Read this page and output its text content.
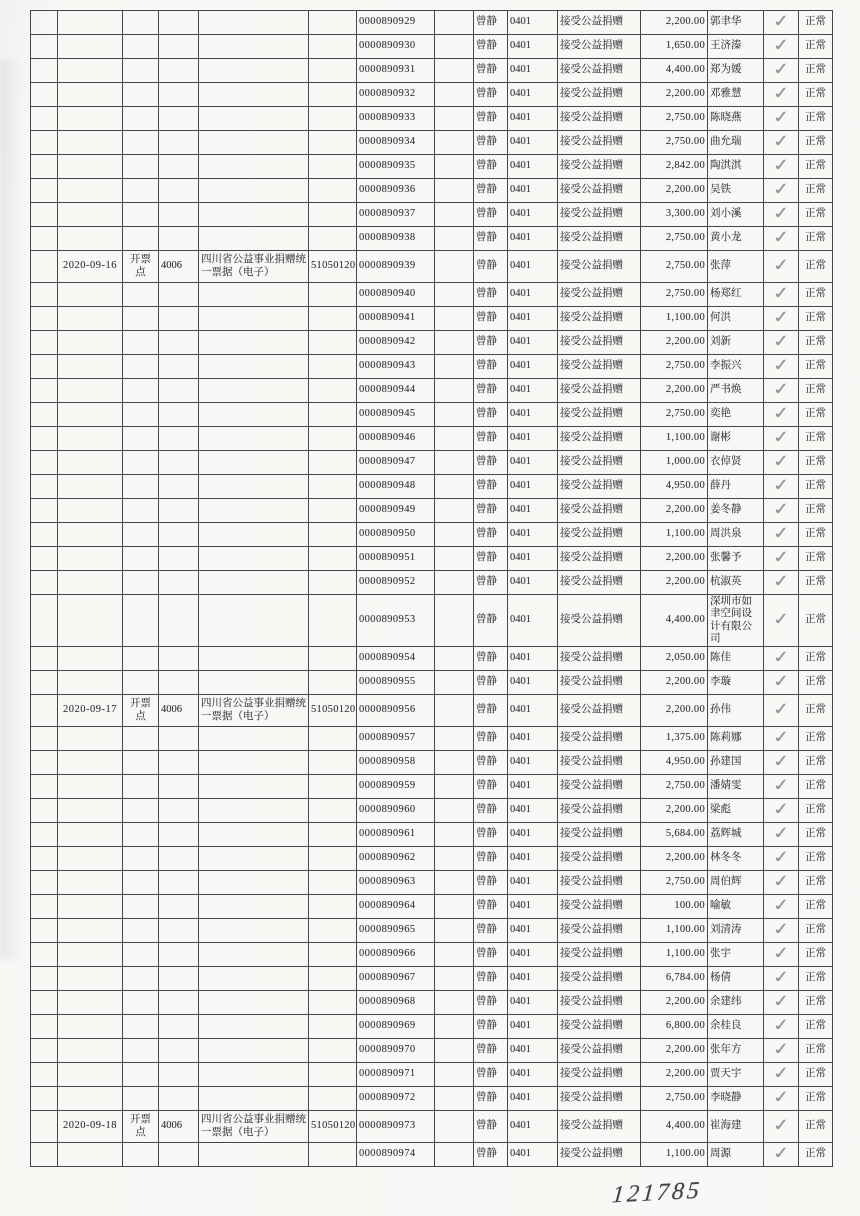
						0000890929		曾静	0401	接受公益捐赠	2,200.00	郭聿华	✓	正常
						0000890930		曾静	0401	接受公益捐赠	1,650.00	王济溱	✓	正常
						0000890931		曾静	0401	接受公益捐赠	4,400.00	郑为媛	✓	正常
						0000890932		曾静	0401	接受公益捐赠	2,200.00	邓雅慧	✓	正常
						0000890933		曾静	0401	接受公益捐赠	2,750.00	陈晓燕	✓	正常
						0000890934		曾静	0401	接受公益捐赠	2,750.00	曲允瑞	✓	正常
						0000890935		曾静	0401	接受公益捐赠	2,842.00	陶淇淇	✓	正常
						0000890936		曾静	0401	接受公益捐赠	2,200.00	吴铁	✓	正常
						0000890937		曾静	0401	接受公益捐赠	3,300.00	刘小溪	✓	正常
						0000890938		曾静	0401	接受公益捐赠	2,750.00	黄小龙	✓	正常
	2020-09-16	开票点	4006	四川省公益事业捐赠统一票据（电子）	51050120	0000890939		曾静	0401	接受公益捐赠	2,750.00	张萍	✓	正常
						0000890940		曾静	0401	接受公益捐赠	2,750.00	杨郑红	✓	正常
						0000890941		曾静	0401	接受公益捐赠	1,100.00	何洪	✓	正常
						0000890942		曾静	0401	接受公益捐赠	2,200.00	刘新	✓	正常
						0000890943		曾静	0401	接受公益捐赠	2,750.00	李振兴	✓	正常
						0000890944		曾静	0401	接受公益捐赠	2,200.00	严书焕	✓	正常
						0000890945		曾静	0401	接受公益捐赠	2,750.00	奕艳	✓	正常
						0000890946		曾静	0401	接受公益捐赠	1,100.00	谢彬	✓	正常
						0000890947		曾静	0401	接受公益捐赠	1,000.00	衣倬贤	✓	正常
						0000890948		曾静	0401	接受公益捐赠	4,950.00	薛丹	✓	正常
						0000890949		曾静	0401	接受公益捐赠	2,200.00	姜冬静	✓	正常
						0000890950		曾静	0401	接受公益捐赠	1,100.00	周洪泉	✓	正常
						0000890951		曾静	0401	接受公益捐赠	2,200.00	张馨予	✓	正常
						0000890952		曾静	0401	接受公益捐赠	2,200.00	杭淑英	✓	正常
						0000890953		曾静	0401	接受公益捐赠	4,400.00	深圳市如聿空间设计有限公司	✓	正常
						0000890954		曾静	0401	接受公益捐赠	2,050.00	陈佳	✓	正常
						0000890955		曾静	0401	接受公益捐赠	2,200.00	李璇	✓	正常
	2020-09-17	开票点	4006	四川省公益事业捐赠统一票据（电子）	51050120	0000890956		曾静	0401	接受公益捐赠	2,200.00	孙伟	✓	正常
						0000890957		曾静	0401	接受公益捐赠	1,375.00	陈莉娜	✓	正常
						0000890958		曾静	0401	接受公益捐赠	4,950.00	孙建国	✓	正常
						0000890959		曾静	0401	接受公益捐赠	2,750.00	潘婧雯	✓	正常
						0000890960		曾静	0401	接受公益捐赠	2,200.00	梁彪	✓	正常
						0000890961		曾静	0401	接受公益捐赠	5,684.00	荔辉城	✓	正常
						0000890962		曾静	0401	接受公益捐赠	2,200.00	林冬冬	✓	正常
						0000890963		曾静	0401	接受公益捐赠	2,750.00	周伯辉	✓	正常
						0000890964		曾静	0401	接受公益捐赠	100.00	喻敏	✓	正常
						0000890965		曾静	0401	接受公益捐赠	1,100.00	刘清涛	✓	正常
						0000890966		曾静	0401	接受公益捐赠	1,100.00	张宇	✓	正常
						0000890967		曾静	0401	接受公益捐赠	6,784.00	杨倩	✓	正常
						0000890968		曾静	0401	接受公益捐赠	2,200.00	余建纬	✓	正常
						0000890969		曾静	0401	接受公益捐赠	6,800.00	余桂良	✓	正常
						0000890970		曾静	0401	接受公益捐赠	2,200.00	张年方	✓	正常
						0000890971		曾静	0401	接受公益捐赠	2,200.00	贾天宇	✓	正常
						0000890972		曾静	0401	接受公益捐赠	2,750.00	李晓静	✓	正常
	2020-09-18	开票点	4006	四川省公益事业捐赠统一票据（电子）	51050120	0000890973		曾静	0401	接受公益捐赠	4,400.00	崔海建	✓	正常
						0000890974		曾静	0401	接受公益捐赠	1,100.00	周源	✓	正常
121785
